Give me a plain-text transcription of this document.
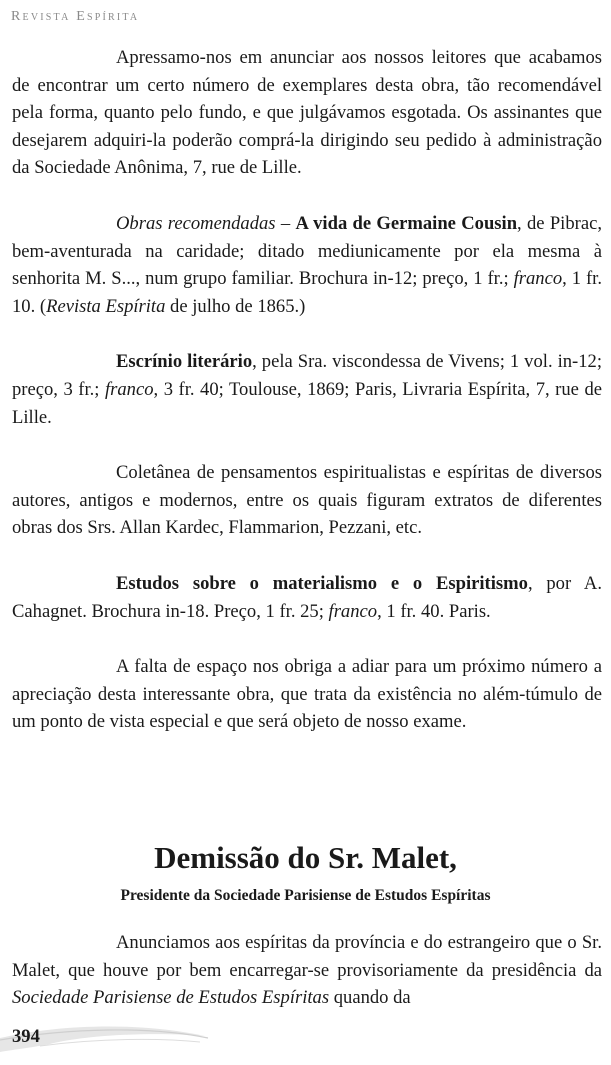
Revista Espírita

Apressamo-nos em anunciar aos nossos leitores que acabamos de encontrar um certo número de exemplares desta obra, tão recomendável pela forma, quanto pelo fundo, e que julgávamos esgotada. Os assinantes que desejarem adquiri-la poderão comprá-la dirigindo seu pedido à administração da Sociedade Anônima, 7, rue de Lille.

Obras recomendadas – A vida de Germaine Cousin, de Pibrac, bem-aventurada na caridade; ditado mediunicamente por ela mesma à senhorita M. S..., num grupo familiar. Brochura in-12; preço, 1 fr.; franco, 1 fr. 10. (Revista Espírita de julho de 1865.)

Escrínio literário, pela Sra. viscondessa de Vivens; 1 vol. in-12; preço, 3 fr.; franco, 3 fr. 40; Toulouse, 1869; Paris, Livraria Espírita, 7, rue de Lille.

Coletânea de pensamentos espiritualistas e espíritas de diversos autores, antigos e modernos, entre os quais figuram extratos de diferentes obras dos Srs. Allan Kardec, Flammarion, Pezzani, etc.

Estudos sobre o materialismo e o Espiritismo, por A. Cahagnet. Brochura in-18. Preço, 1 fr. 25; franco, 1 fr. 40. Paris.

A falta de espaço nos obriga a adiar para um próximo número a apreciação desta interessante obra, que trata da existência no além-túmulo de um ponto de vista especial e que será objeto de nosso exame.

Demissão do Sr. Malet,
Presidente da Sociedade Parisiense de Estudos Espíritas

Anunciamos aos espíritas da província e do estrangeiro que o Sr. Malet, que houve por bem encarregar-se provisoriamente da presidência da Sociedade Parisiense de Estudos Espíritas quando da

394
